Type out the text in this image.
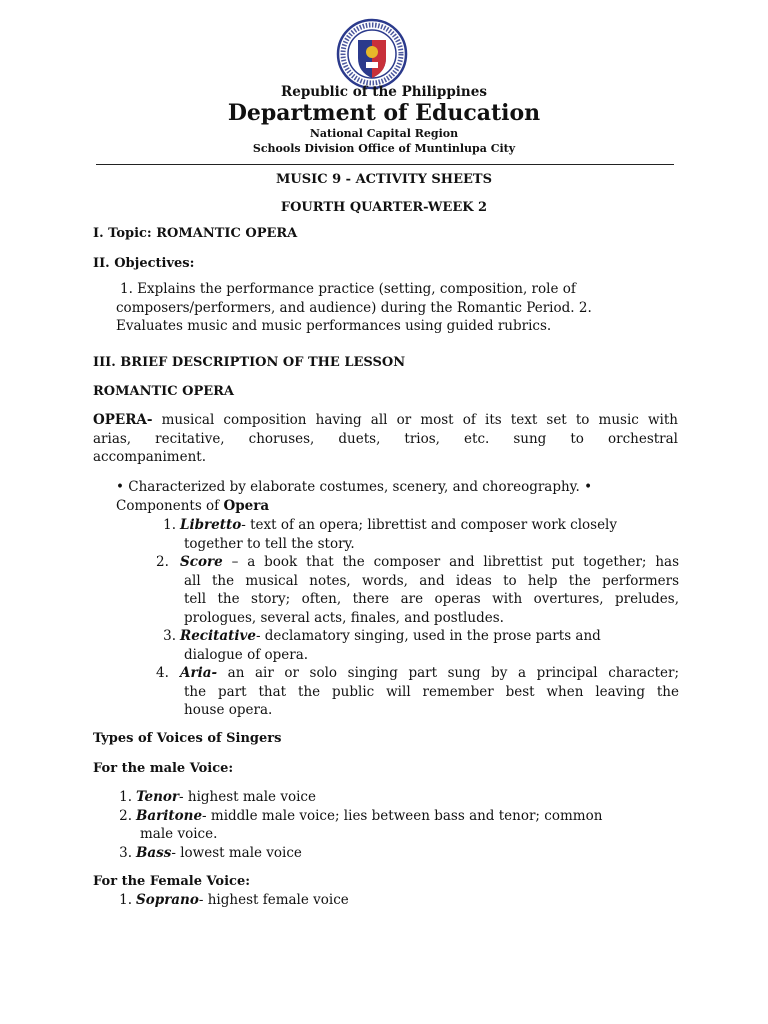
Republic of the Philippines
Department of Education
National Capital Region
Schools Division Office of Muntinlupa City
MUSIC 9 - ACTIVITY SHEETS
FOURTH QUARTER-WEEK 2
I. Topic: ROMANTIC OPERA
II. Objectives:
1. Explains the performance practice (setting, composition, role of
composers/performers, and audience) during the Romantic Period. 2.
Evaluates music and music performances using guided rubrics.
III. BRIEF DESCRIPTION OF THE LESSON
ROMANTIC OPERA
OPERA- musical composition having all or most of its text set to music with
arias, recitative, choruses, duets, trios, etc. sung to orchestral
accompaniment.
• Characterized by elaborate costumes, scenery, and choreography. •
Components of Opera
1. Libretto- text of an opera; librettist and composer work closely
together to tell the story.
2. Score – a book that the composer and librettist put together; has
all the musical notes, words, and ideas to help the performers
tell the story; often, there are operas with overtures, preludes,
prologues, several acts, finales, and postludes.
3. Recitative- declamatory singing, used in the prose parts and
dialogue of opera.
4. Aria- an air or solo singing part sung by a principal character;
the part that the public will remember best when leaving the
house opera.
Types of Voices of Singers
For the male Voice:
1. Tenor- highest male voice
2. Baritone- middle male voice; lies between bass and tenor; common
male voice.
3. Bass- lowest male voice
For the Female Voice:
1. Soprano- highest female voice
